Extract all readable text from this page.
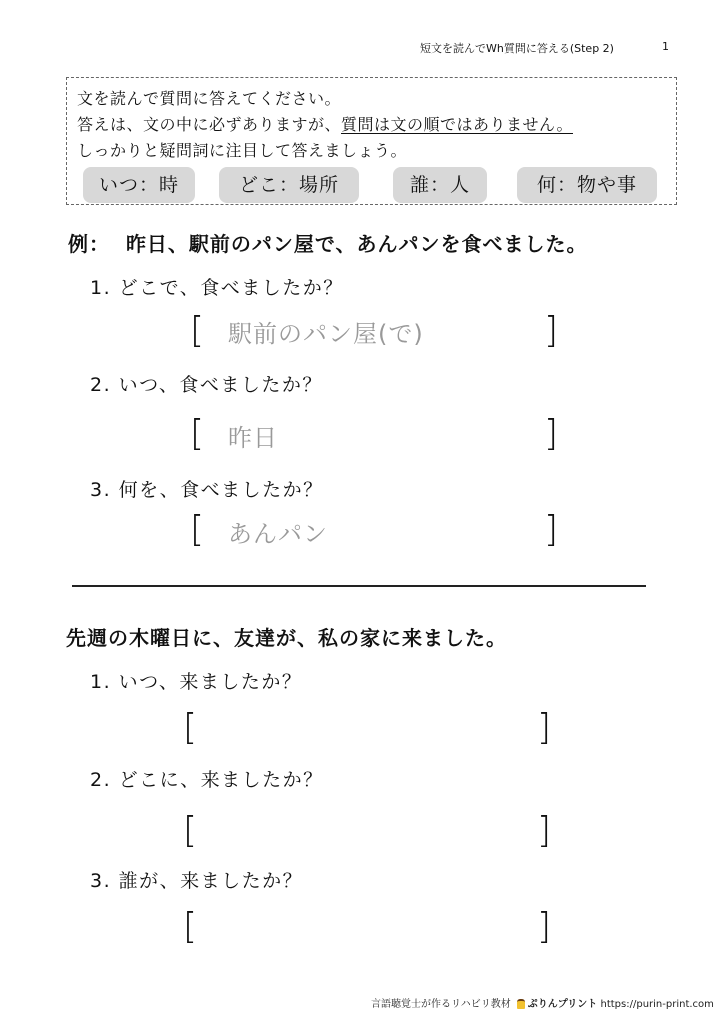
短文を読んでWh質問に答える(Step 2)	1
文を読んで質問に答えてください。
答えは、文の中に必ずありますが、質問は文の順ではありません。
しっかりと疑問詞に注目して答えましょう。
いつ：時	どこ：場所	誰：人	何：物や事
例： 昨日、駅前のパン屋で、あんパンを食べました。
1. どこで、食べましたか？
[ 駅前のパン屋(で)	]
2. いつ、食べましたか？
[ 昨日	]
3. 何を、食べましたか？
[ あんパン	]
先週の木曜日に、友達が、私の家に来ました。
1. いつ、来ましたか？
[	]
2. どこに、来ましたか？
[	]
3. 誰が、来ましたか？
[	]
言語聴覚士が作るリハビリ教材 ぷりんプリント https://purin-print.com
